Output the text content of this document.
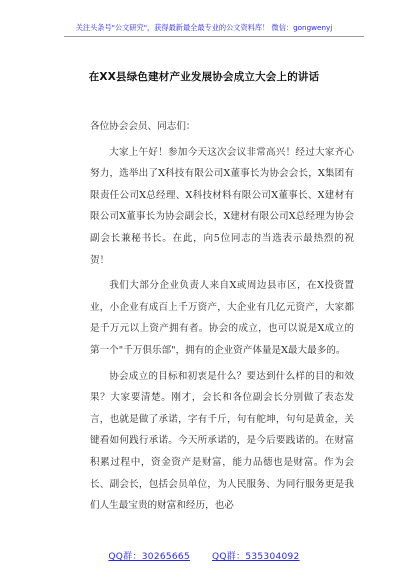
关注头条号"公文研究"，获得最新最全最专业的公文资料库！ 微信：gongwenyj
在XX县绿色建材产业发展协会成立大会上的讲话

各位协会会员、同志们：

大家上午好！参加今天这次会议非常高兴！经过大家齐心努力，选举出了X科技有限公司X董事长为协会会长，X集团有限责任公司X总经理、X科技材料有限公司X董事长、X建材有限公司X董事长为协会副会长，X建材有限公司X总经理为协会副会长兼秘书长。在此，向5位同志的当选表示最热烈的祝贺！

我们大部分企业负责人来自X或周边县市区，在X投资置业，小企业有成百上千万资产，大企业有几亿元资产，大家都是千万元以上资产拥有者。协会的成立，也可以说是X成立的第一个"千万俱乐部"，拥有的企业资产体量是X最大最多的。

协会成立的目标和初衷是什么？要达到什么样的目的和效果？大家要清楚。刚才，会长和各位副会长分别做了表态发言，也就是做了承诺，字有千斤，句有舵坤，句句是黄金，关键看如何践行承诺。今天所承诺的，是今后要践诺的。在财富积累过程中，资金资产是财富，能力品德也是财富。作为会长、副会长，包括会员单位，为人民服务、为同行服务更是我们人生最宝贵的财富和经历，也必

QQ群：30265665 QQ群：535304092
